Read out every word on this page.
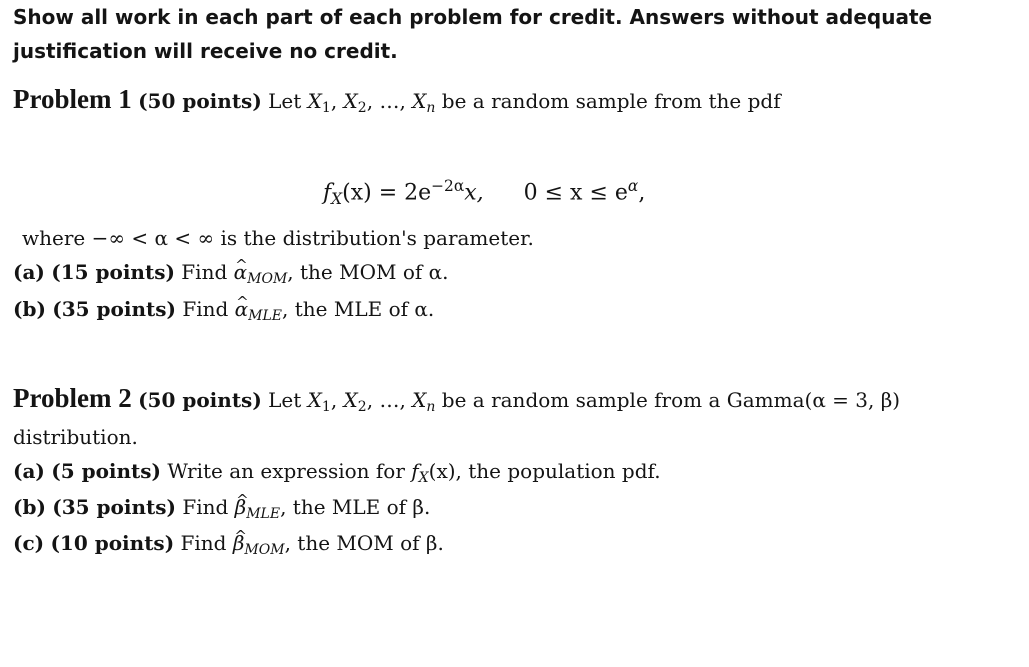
Show all work in each part of each problem for credit. Answers without adequate
justification will receive no credit.
Problem 1 (50 points) Let $X_1$, $X_2$, …, $X_n$ be a random sample from the pdf
$f_X(x) = 2e^{-2\alpha}x$, $0 \le x \le e^\alpha$,
where −∞ < α < ∞ is the distribution's parameter.
(a) (15 points) Find ^ $\alpha_{MOM}$, the MOM of α.
(b) (35 points) Find ^ $\alpha_{MLE}$, the MLE of α.
Problem 2 (50 points) Let $X_1$, $X_2$, …, $X_n$ be a random sample from a Gamma(α = 3, β)
distribution.
(a) (5 points) Write an expression for $f_X(x)$, the population pdf.
(b) (35 points) Find ^ $\beta_{MLE}$, the MLE of β.
(c) (10 points) Find ^ $\beta_{MOM}$, the MOM of β.
